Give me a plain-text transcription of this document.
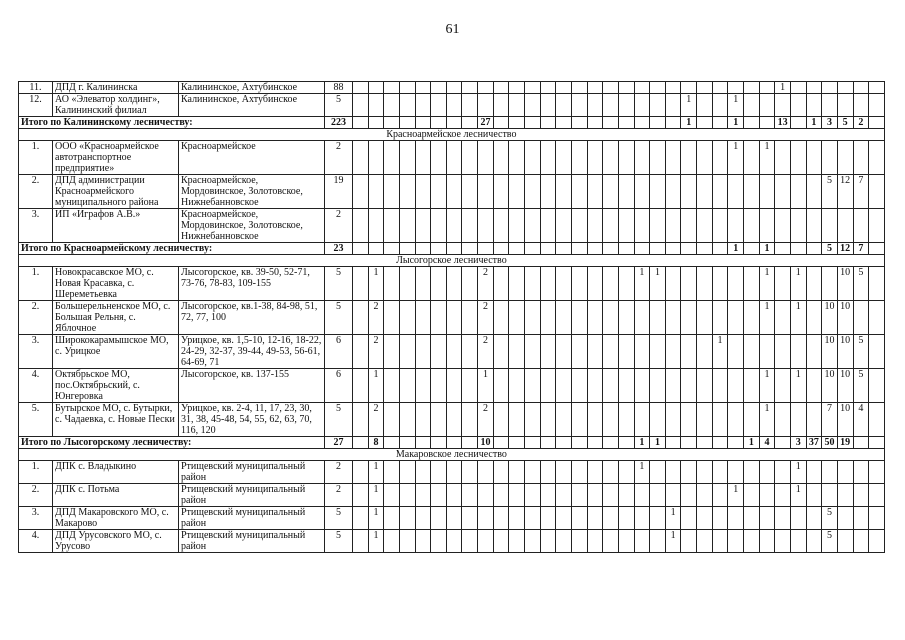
61
11.	ДПД г. Калининска	Калининское, Ахтубинское	88																												1						
12.	АО «Элеватор холдинг», Калининский филиал	Калининское, Ахтубинское	5																						1			1									
Итого по Калининскому лесничеству:			223									27													1			1			13		1	3	5	2	
Красноармейское лесничество																																					
1.	ООО «Красноармейское автотранспортное предприятие»	Красноармейское	2																									1		1							
2.	ДПД администрации Красноармейского муниципального района	Красноармейское, Мордовинское, Золотовское, Нижнебанновское	19																															5	12	7	
3.	ИП «Играфов А.В.»	Красноармейское, Мордовинское, Золотовское, Нижнебанновское	2																																		
Итого по Красноармейскому лесничеству:			23																									1		1				5	12	7	
Лысогорское лесничество																																					
1.	Новокрасавское МО, с. Новая Красавка, с. Шереметьевка	Лысогорское, кв. 39-50, 52-71, 73-76, 78-83, 109-155	5		1							2										1	1							1		1			10	5	
2.	Большерельненское МО, с. Большая Рельня, с. Яблочное	Лысогорское, кв.1-38, 84-98, 51, 72, 77, 100	5		2							2																		1		1		10	10		
3.	Ширококарамышское МО, с. Урицкое	Урицкое, кв. 1,5-10, 12-16, 18-22, 24-29, 32-37, 39-44, 49-53, 56-61, 64-69, 71	6		2							2															1							10	10	5	
4.	Октябрьское МО, пос.Октябрьский, с. Юнгеровка	Лысогорское, кв. 137-155	6		1							1																		1		1		10	10	5	
5.	Бутырское МО, с. Бутырки, с. Чадаевка, с. Новые Пески	Урицкое, кв. 2-4, 11, 17, 23, 30, 31, 38, 45-48, 54, 55, 62, 63, 70, 116, 120	5		2							2																		1				7	10	4	
Итого по Лысогорскому лесничеству:			27		8							10										1	1						1	4		3	37	50	19		
Макаровское лесничество																																					
1.	ДПК с. Владыкино	Ртищевский муниципальный район	2		1																	1										1					
2.	ДПК с. Потьма	Ртищевский муниципальный район	2		1																							1				1					
3.	ДПД Макаровского МО, с. Макарово	Ртищевский муниципальный район	5		1																			1										5			
4.	ДПД Урусовского МО, с. Урусово	Ртищевский муниципальный район	5		1																			1										5			
